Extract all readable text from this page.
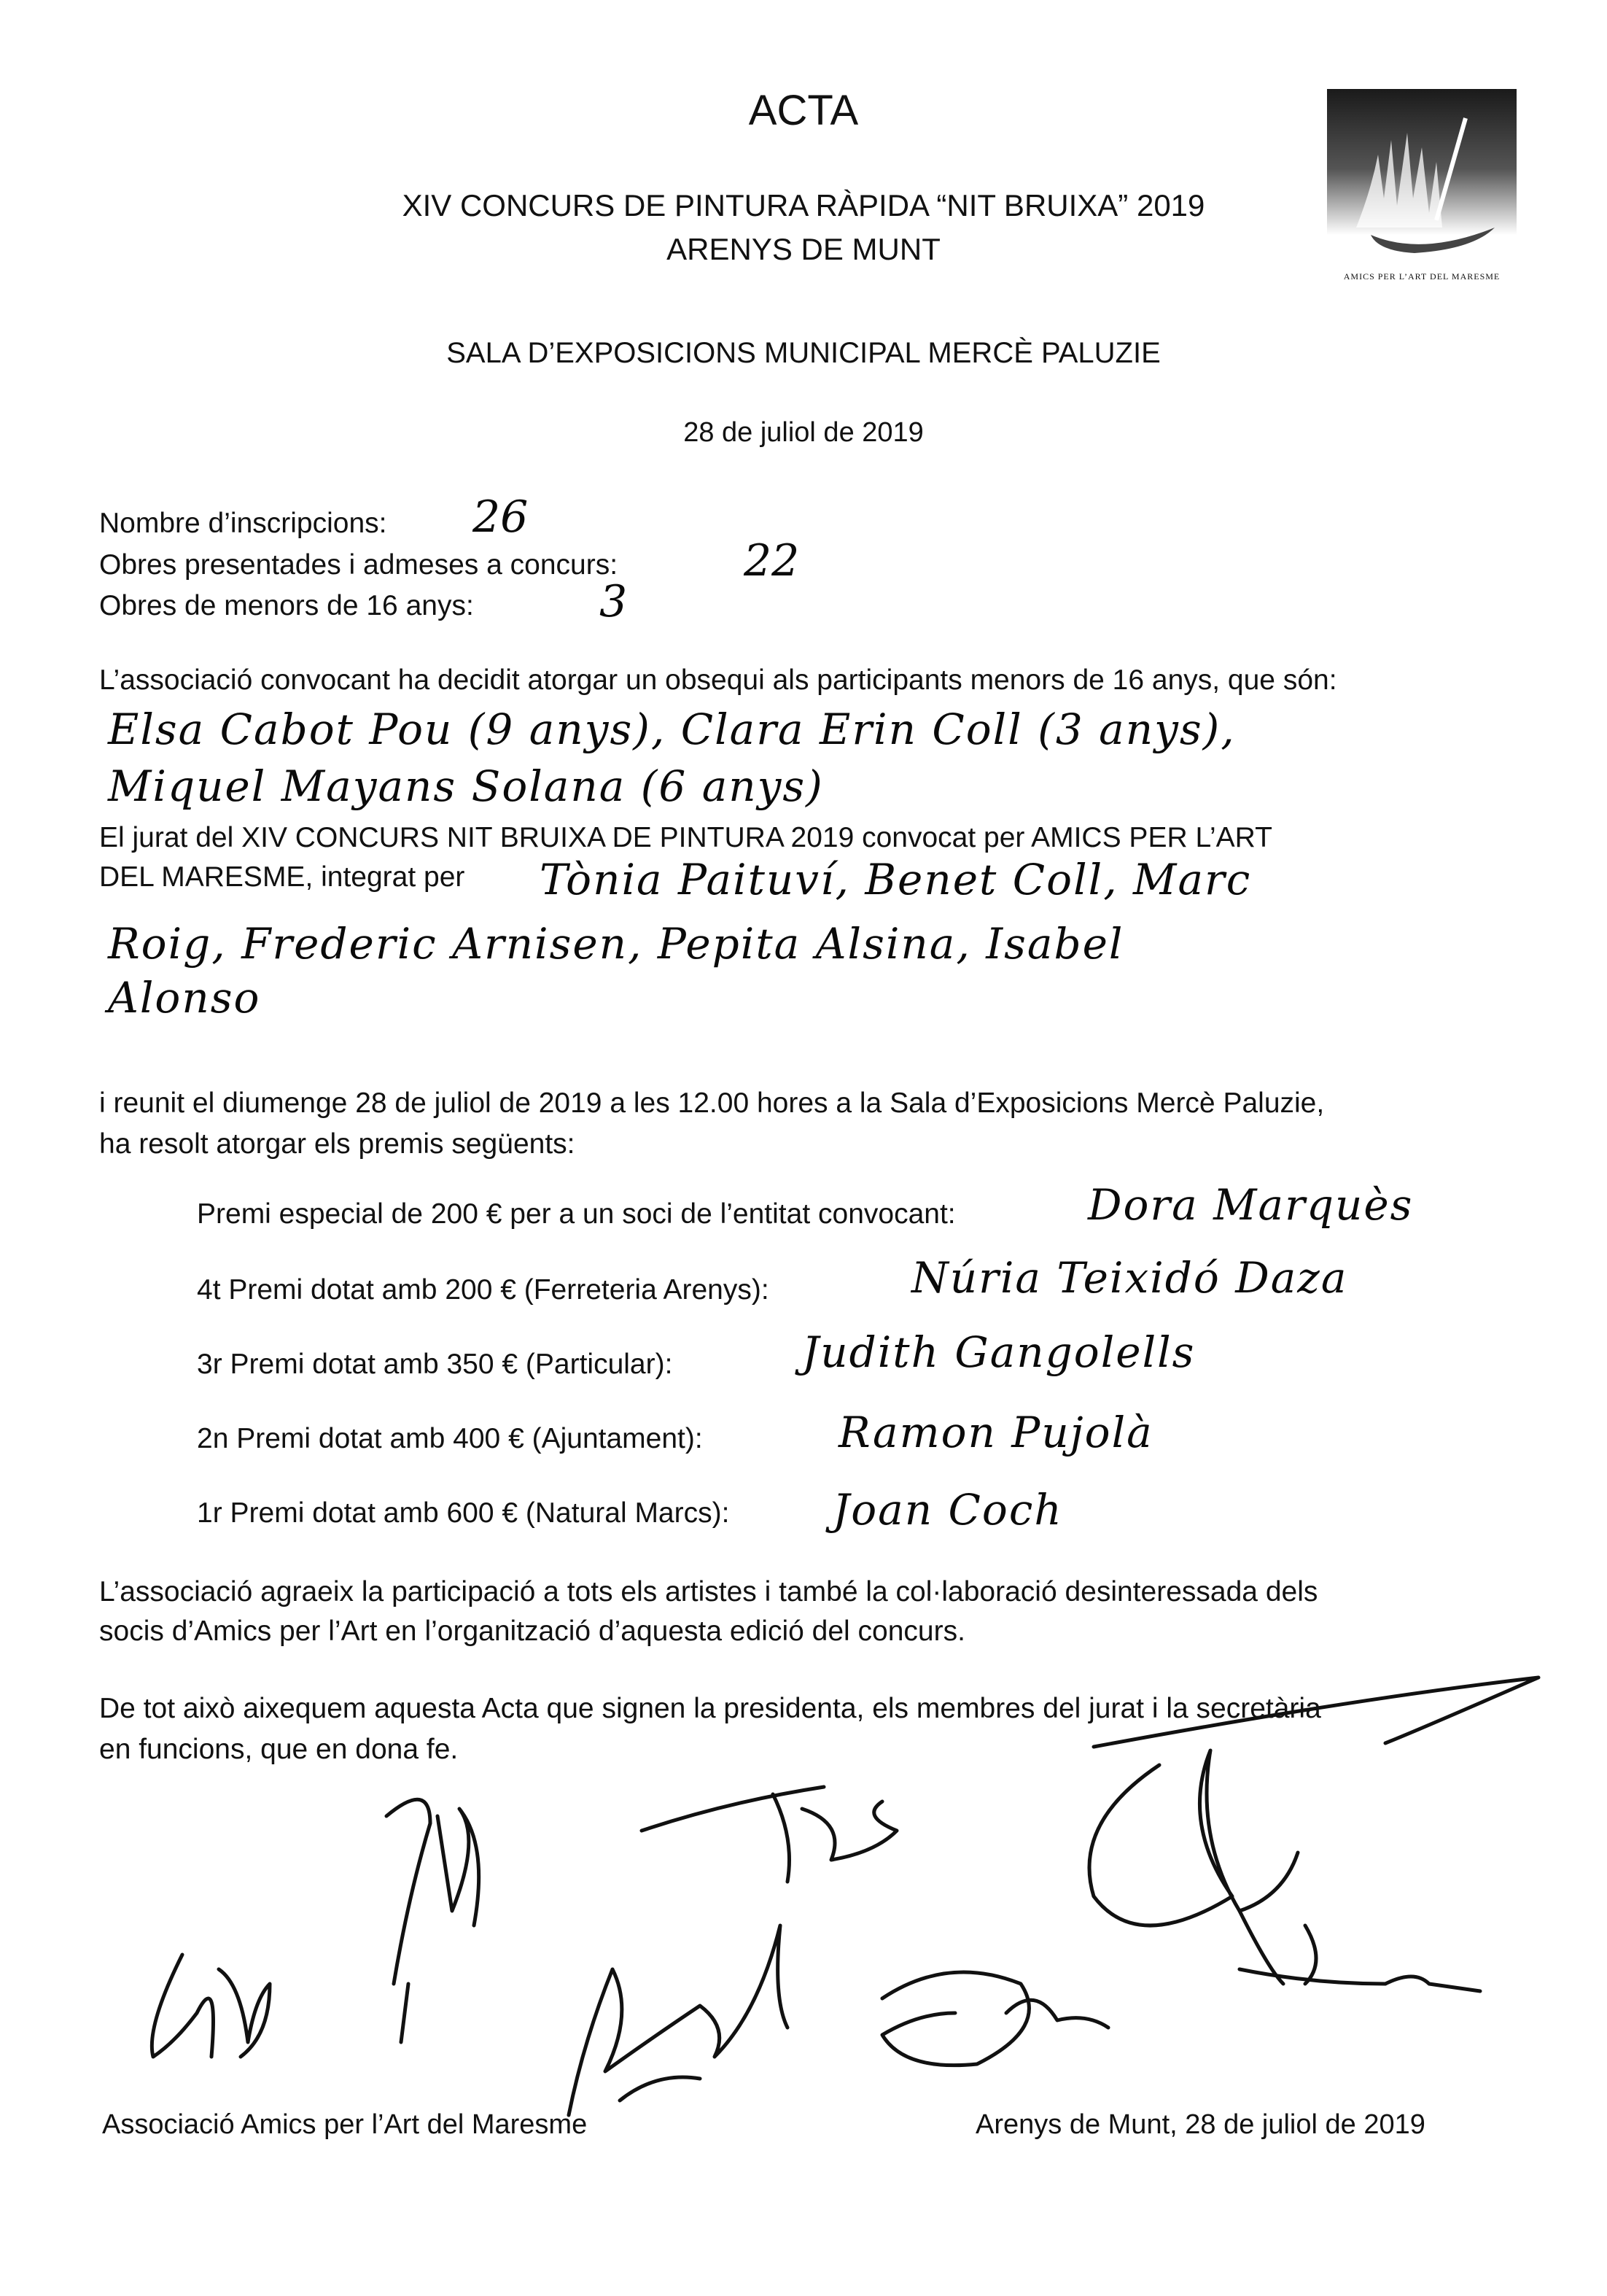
ACTA
XIV CONCURS DE PINTURA RÀPIDA “NIT BRUIXA” 2019
ARENYS DE MUNT
SALA D’EXPOSICIONS MUNICIPAL MERCÈ PALUZIE
28 de juliol de 2019
AMICS PER L’ART DEL MARESME
Nombre d’inscripcions: 26
Obres presentades i admeses a concurs:	22
Obres de menors de 16 anys:	3
L’associació convocant ha decidit atorgar un obsequi als participants menors de 16 anys, que són:
Elsa Cabot Pou (9 anys), Clara Erin Coll (3 anys),
Miquel Mayans Solana (6 anys)
El jurat del XIV CONCURS NIT BRUIXA DE PINTURA 2019 convocat per AMICS PER L’ART
DEL MARESME, integrat per Tònia Paituví, Benet Coll, Marc
Roig, Frederic Arnisen, Pepita Alsina, Isabel
Alonso
i reunit el diumenge 28 de juliol de 2019 a les 12.00 hores a la Sala d’Exposicions Mercè Paluzie,
ha resolt atorgar els premis següents:
Premi especial de 200 € per a un soci de l’entitat convocant:	Dora Marquès
4t Premi dotat amb 200 € (Ferreteria Arenys):	Núria Teixidó Daza
3r Premi dotat amb 350 € (Particular):	Judith Gangolells
2n Premi dotat amb 400 € (Ajuntament):	Ramon Pujolà
1r Premi dotat amb 600 € (Natural Marcs): Joan Coch
L’associació agraeix la participació a tots els artistes i també la col·laboració desinteressada dels
socis d’Amics per l’Art en l’organització d’aquesta edició del concurs.
De tot això aixequem aquesta Acta que signen la presidenta, els membres del jurat i la secretària
en funcions, que en dona fe.
Associació Amics per l’Art del Maresme	Arenys de Munt, 28 de juliol de 2019
